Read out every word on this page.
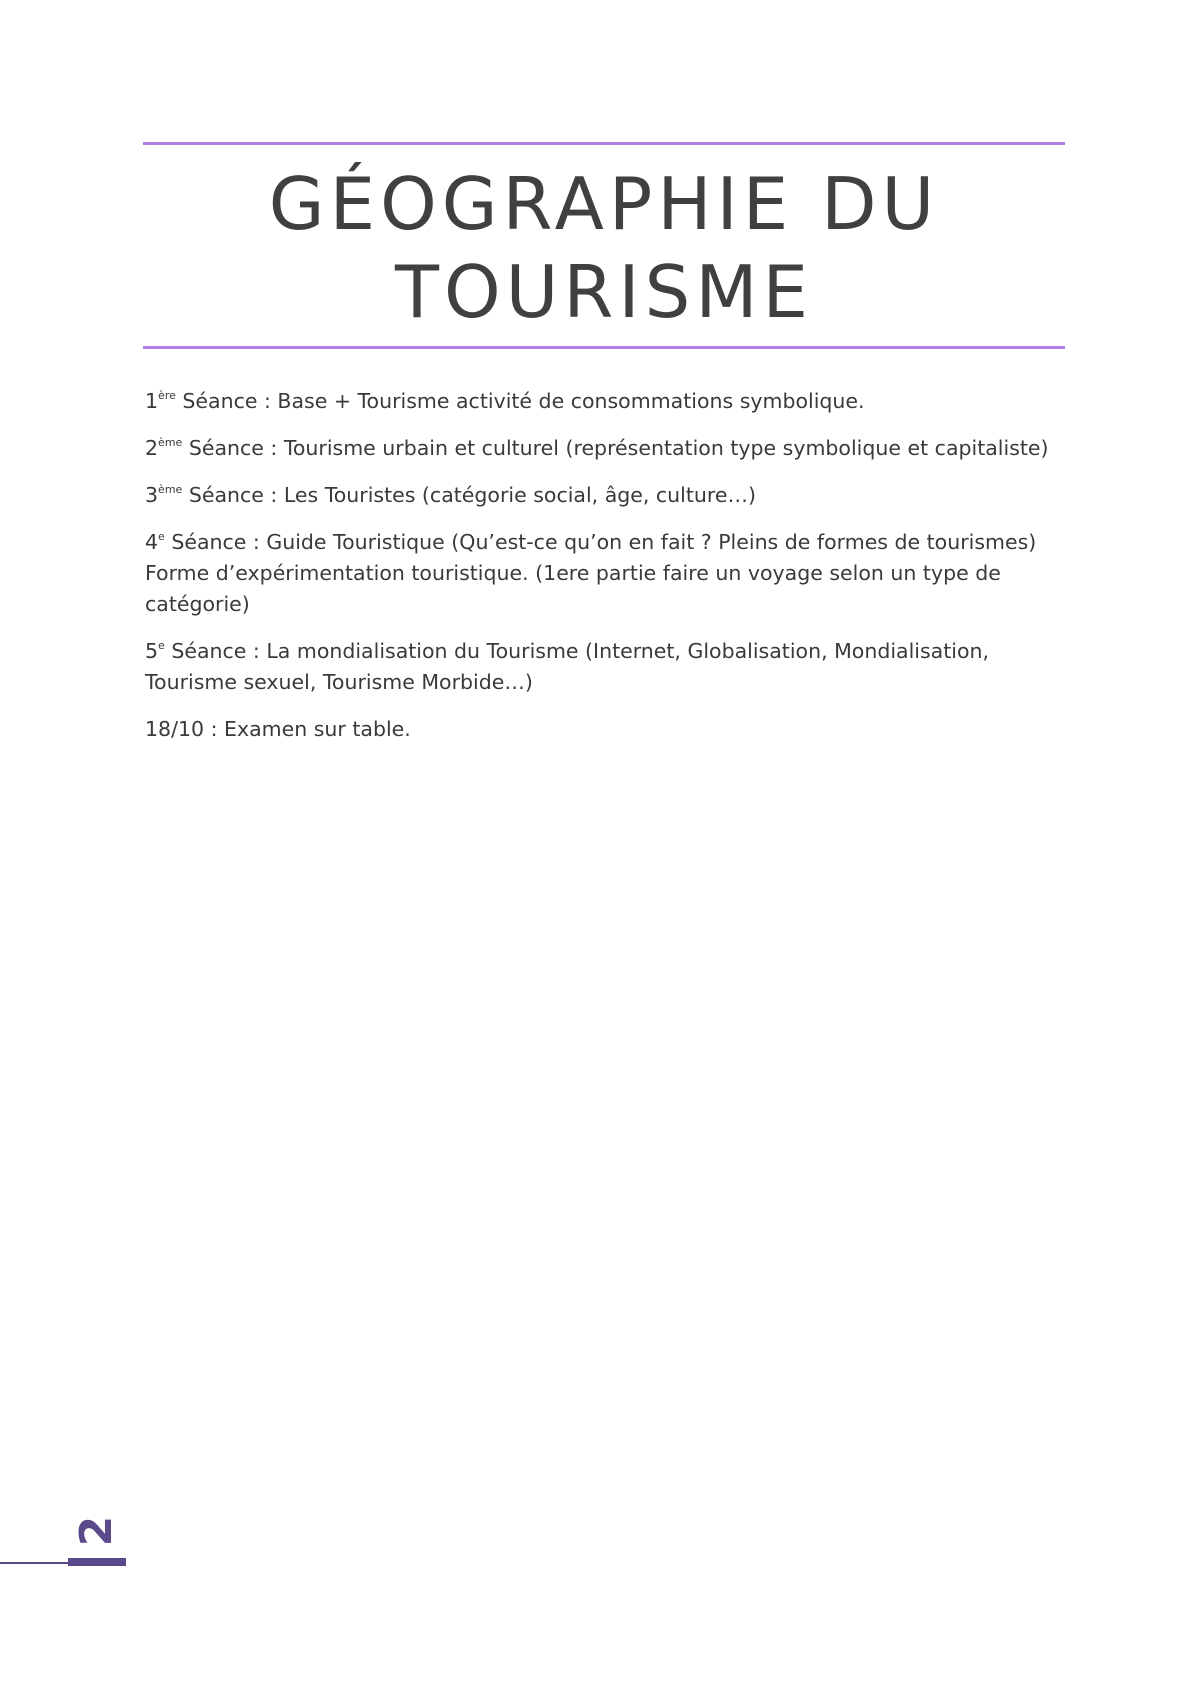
GÉOGRAPHIE DU TOURISME

1ère Séance : Base + Tourisme activité de consommations symbolique.

2ème Séance : Tourisme urbain et culturel (représentation type symbolique et capitaliste)

3ème Séance : Les Touristes (catégorie social, âge, culture…)

4e Séance : Guide Touristique (Qu’est-ce qu’on en fait ? Pleins de formes de tourismes) Forme d’expérimentation touristique. (1ere partie faire un voyage selon un type de catégorie)

5e Séance : La mondialisation du Tourisme (Internet, Globalisation, Mondialisation, Tourisme sexuel, Tourisme Morbide…)

18/10 : Examen sur table.

2
